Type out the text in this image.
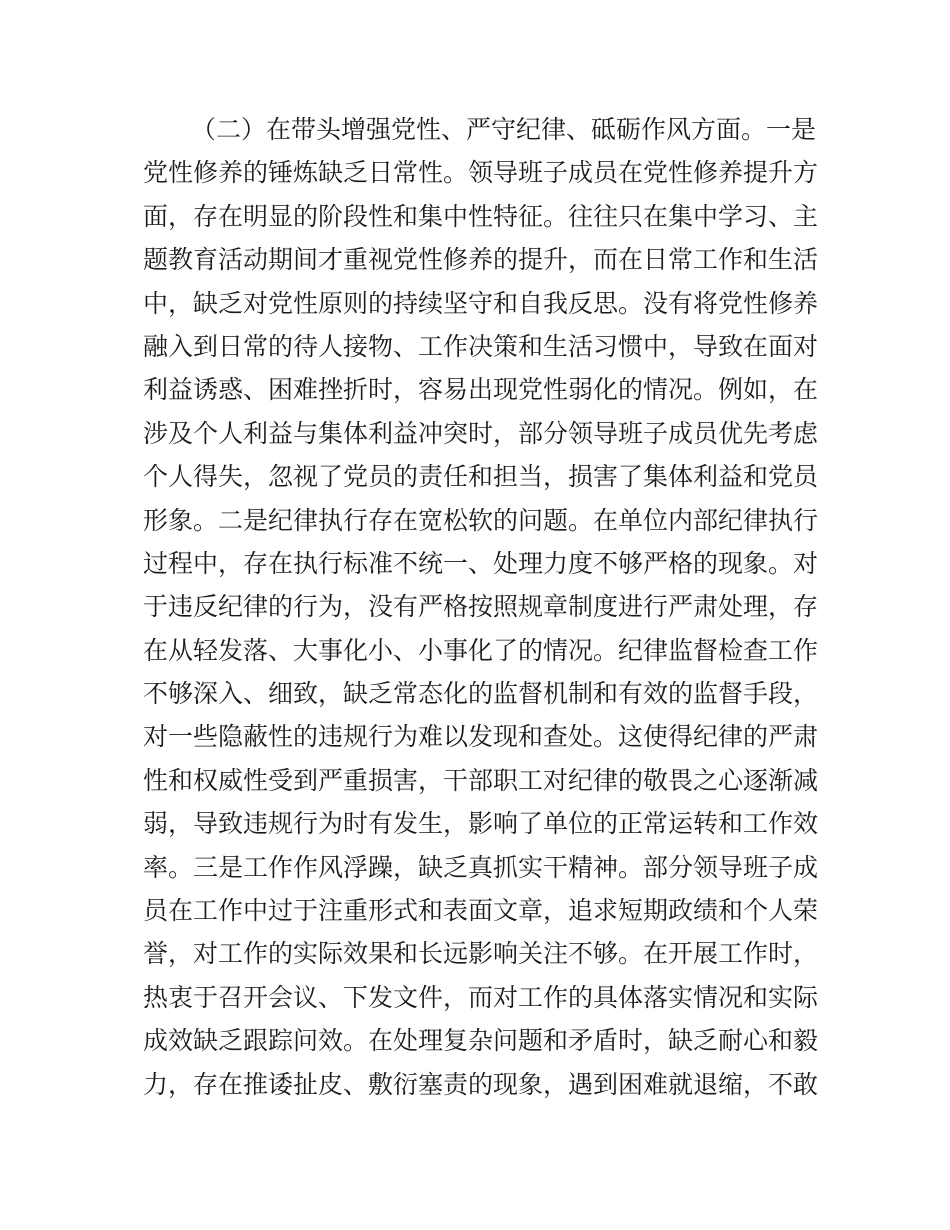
（二）在带头增强党性、严守纪律、砥砺作风方面。一是
党性修养的锤炼缺乏日常性。领导班子成员在党性修养提升方
面，存在明显的阶段性和集中性特征。往往只在集中学习、主
题教育活动期间才重视党性修养的提升，而在日常工作和生活
中，缺乏对党性原则的持续坚守和自我反思。没有将党性修养
融入到日常的待人接物、工作决策和生活习惯中，导致在面对
利益诱惑、困难挫折时，容易出现党性弱化的情况。例如，在
涉及个人利益与集体利益冲突时，部分领导班子成员优先考虑
个人得失，忽视了党员的责任和担当，损害了集体利益和党员
形象。二是纪律执行存在宽松软的问题。在单位内部纪律执行
过程中，存在执行标准不统一、处理力度不够严格的现象。对
于违反纪律的行为，没有严格按照规章制度进行严肃处理，存
在从轻发落、大事化小、小事化了的情况。纪律监督检查工作
不够深入、细致，缺乏常态化的监督机制和有效的监督手段，
对一些隐蔽性的违规行为难以发现和查处。这使得纪律的严肃
性和权威性受到严重损害，干部职工对纪律的敬畏之心逐渐减
弱，导致违规行为时有发生，影响了单位的正常运转和工作效
率。三是工作作风浮躁，缺乏真抓实干精神。部分领导班子成
员在工作中过于注重形式和表面文章，追求短期政绩和个人荣
誉，对工作的实际效果和长远影响关注不够。在开展工作时，
热衷于召开会议、下发文件，而对工作的具体落实情况和实际
成效缺乏跟踪问效。在处理复杂问题和矛盾时，缺乏耐心和毅
力，存在推诿扯皮、敷衍塞责的现象，遇到困难就退缩，不敢
